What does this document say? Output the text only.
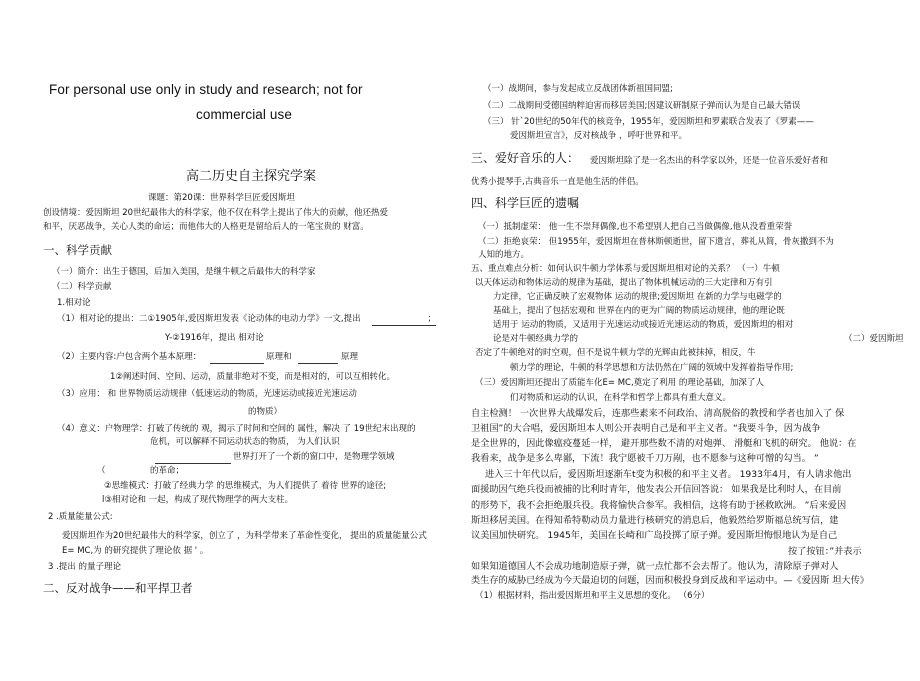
For personal use only in study and research; not for
commercial use
高二历史自主探究学案
课题：第20课：世界科学巨匠爱因斯坦
创设情境：爱因斯坦 20世纪最伟大的科学家，他不仅在科学上提出了伟大的贡献，他还热爱
和平，厌恶战争，关心人类的命运；而他伟大的人格更是留给后人的一笔宝贵的 财富。
一、科学贡献
（一）简介：出生于德国，后加入美国，是继牛顿之后最伟大的科学家
（二）科学贡献
1.相对论
（1）相对论的提出：二①1905年,爱因斯坦发表《论动体的电动力学》一文,提出	；
Y-②1916年，提出 相对论
（2）主要内容:户包含两个基本原理：	原理和	原理
1②阐述时间、空间、运动，质量非绝对不变，而是相对的，可以互相转化。
（3）应用： 和 世界物质运动规律（低速运动的物质，光速运动或接近光速运动
的物质）
（4）意义：户物理学：打破了传统的 观，揭示了时间和空间的 属性，解决 了 19世纪末出现的
危机，可以解释不同运动状态的物质， 为人们认识
世界打开了一个新的窗口中，是物理学领域
（	的革命；
②思维模式：打破了经典力学 的思维模式，为人们提供了 着待 世界的途径;
l③相对论和 一起，构成了现代物理学的两大支柱。
2 .质量能量公式:
爱因斯坦作为20世纪最伟大的科学家，创立了 ，为科学带来了革命性变化， 提出的质量能量公式
E= MC,为 的研究提供了理论依 据 ' 。
3 .提出 的量子理论
二、反对战争——和平捍卫者
（一）战期间，参与发起成立反战团体新祖国同盟;
（二）二战期间受德国纳粹迫害而移居美国;因建议研制原子弹而认为是自己最大错误
（三） 针`20世纪的50年代的核竞争，1955年，爱因斯坦和罗素联合发表了《罗素——
爱因斯坦宣言》，反对核战争 ，呼吁世界和平。
三、爱好音乐的人： 爱因斯坦除了是一名杰出的科学家以外，还是一位音乐爱好者和
优秀小提琴手,古典音乐一直是他生活的伴侣。
四、科学巨匠的遗嘱
（一）抵制虚荣： 他一生不崇拜偶像,也不希望别人把自己当做偶像,他从没看重荣誉
（二）拒绝哀荣： 但1955年，爱因斯坦在普林斯顿逝世，留下遗言，葬礼从简，骨灰撒到不为
人知的地方。
五、重点难点分析：如何认识牛顿力学体系与爱因斯坦相对论的关系？ （一）牛顿
以天体运动和物体运动的规律为基础，提出了物体机械运动的三大定律和万有引
力定律，它正确反映了宏观物体 运动的规律;爱因斯坦 在新的力学与电磁学的
基础上，提出了包括宏观和 世界在内的更为广阔的物质运动规律，他的理论既
适用于 运动的物质，又适用于光速运动或接近光速运动的物质，爱因斯坦的相对
论是对牛顿经典力学的	（二）爱因斯坦
否定了牛顿绝对的时空观，但不是说牛顿力学的光辉由此被抹掉，相反，牛
顿力学的理论，牛顿的科学思想和方法仍然在广阔的领域中发挥着指导作用;
（三）爱因斯坦还提出了质能车化E= MC,奠定了利用 的理论基础，加深了人
们对物质和运动的认识，在科学和哲学上都具有重大意义。
自主检测！ 一次世界大战爆发后，连那些素来不问政治、清高脱俗的教授和学者也加入了 保
卫祖国”的大合唱，爱因斯坦本人则公开表明自己是和平主义者。“我要斗争，因为战争
是全世界的，因此像瘟疫蔓延一样， 避开那些数不清的对炮弹、 滑艇和飞机的研究。 他说：在
我看来，战争是多么卑鄙，下流！我宁愿被千刀万剐，也不愿参与这种可憎的勾当。 ”
进入三十年代以后，爱因斯坦逐渐车t变为积极的和平主义者。 1933年4月，有人请求他出
面援助因气绝兵役而被捕的比利时青年，他发表公开信回答说： 如果我是比利时人，在目前
的形势下，我不会拒绝服兵役。我将愉快合参军。我相信，这将有助于拯救欧洲。 ”后来爱因
斯坦移居美国。在得知希特勒动员力量进行核研究的消息后，他毅然给罗斯福总统写信，建
议美国加快研究。 1945年，美国在长崎和广岛投掷了原子弹。爱因斯坦悔恨地认为是自己
按了按钮：”并表示
如果知道德国人不会成功地制造原子弹，就一点忙都不会去帮了。他认为，清除原子弹对人
类生存的威胁已经成为今天最迫切的问题，因而积极投身到反战和平运动中。—《爱因斯 坦大传》
（1）根据材料，指出爱因斯坦和平主义思想的变化。 （6分）
